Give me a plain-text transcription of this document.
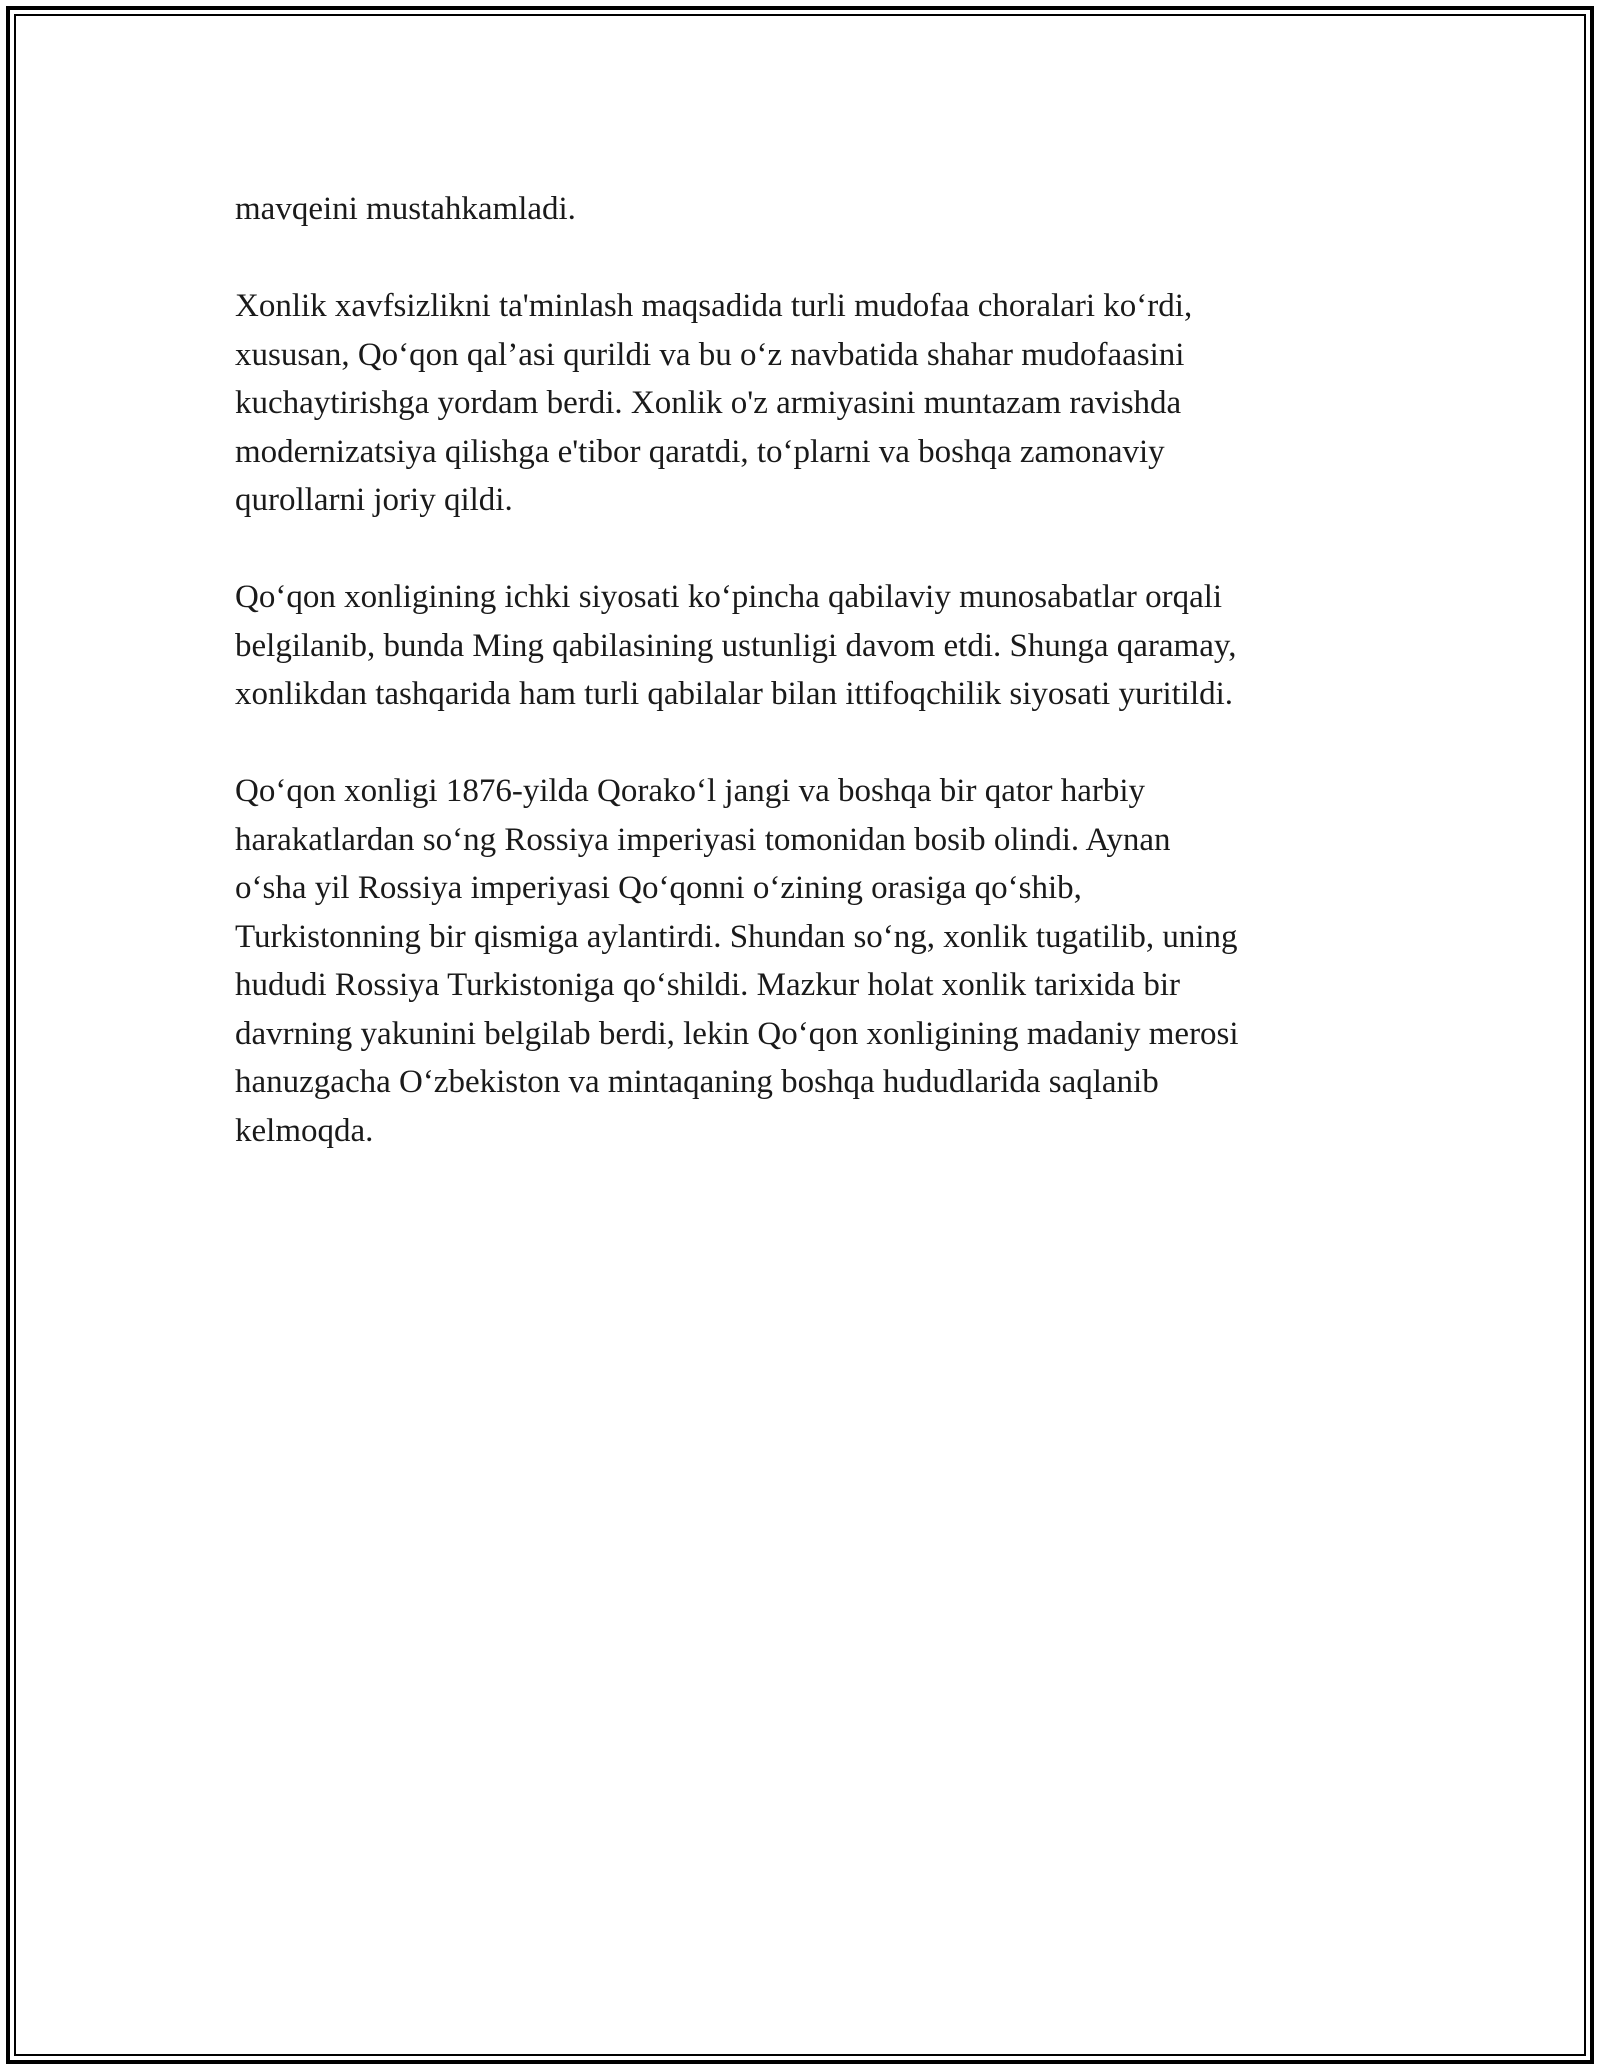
mavqeini mustahkamladi.

Xonlik xavfsizlikni ta'minlash maqsadida turli mudofaa choralari ko‘rdi,
xususan, Qo‘qon qal’asi qurildi va bu o‘z navbatida shahar mudofaasini
kuchaytirishga yordam berdi. Xonlik o'z armiyasini muntazam ravishda
modernizatsiya qilishga e'tibor qaratdi, to‘plarni va boshqa zamonaviy
qurollarni joriy qildi.

Qo‘qon xonligining ichki siyosati ko‘pincha qabilaviy munosabatlar orqali
belgilanib, bunda Ming qabilasining ustunligi davom etdi. Shunga qaramay,
xonlikdan tashqarida ham turli qabilalar bilan ittifoqchilik siyosati yuritildi.

Qo‘qon xonligi 1876-yilda Qorako‘l jangi va boshqa bir qator harbiy
harakatlardan so‘ng Rossiya imperiyasi tomonidan bosib olindi. Aynan
o‘sha yil Rossiya imperiyasi Qo‘qonni o‘zining orasiga qo‘shib,
Turkistonning bir qismiga aylantirdi. Shundan so‘ng, xonlik tugatilib, uning
hududi Rossiya Turkistoniga qo‘shildi. Mazkur holat xonlik tarixida bir
davrning yakunini belgilab berdi, lekin Qo‘qon xonligining madaniy merosi
hanuzgacha O‘zbekiston va mintaqaning boshqa hududlarida saqlanib
kelmoqda.
